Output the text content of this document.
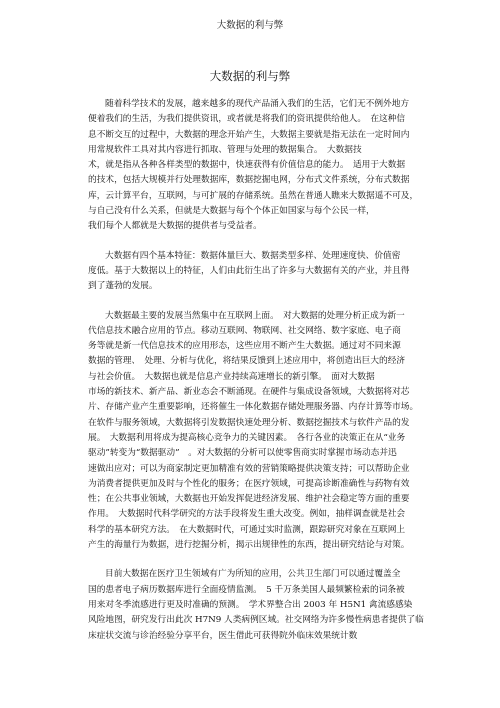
大数据的利与弊
大数据的利与弊

随着科学技术的发展，越来越多的现代产品涌入我们的生活，它们无不例外地方
便着我们的生活，为我们提供资讯，或者就是将我们的资讯提供给他人。　在这种信
息不断交互的过程中，大数据的理念开始产生，大数据主要就是指无法在一定时间内
用常规软件工具对其内容进行抓取、管理与处理的数据集合。　大数据技
术，就是指从各种各样类型的数据中，快速获得有价值信息的能力。　适用于大数据
的技术，包括大规模并行处理数据库，数据挖掘电网，分布式文件系统，分布式数据
库，云计算平台，互联网，与可扩展的存储系统。虽然在普通人瞧来大数据遥不可及，
与自己没有什么关系，但就是大数据与每个个体正如国家与每个公民一样，
我们每个人都就是大数据的提供者与受益者。

大数据有四个基本特征：数据体量巨大、数据类型多样、处理速度快、价值密
度低。基于大数据以上的特征，人们由此衍生出了许多与大数据有关的产业，并且得
到了蓬勃的发展。

大数据最主要的发展当然集中在互联网上面。　对大数据的处理分析正成为新一
代信息技术融合应用的节点。移动互联网、物联网、社交网络、数字家庭、电子商
务等就是新一代信息技术的应用形态，这些应用不断产生大数据。通过对不同来源
数据的管理、　处理、分析与优化，将结果反馈到上述应用中，将创造出巨大的经济
与社会价值。　大数据也就是信息产业持续高速增长的新引擎。　面对大数据
市场的新技术、新产品、新业态会不断涌现。在硬件与集成设备领域，大数据将对芯
片、存储产业产生重要影响，还将催生一体化数据存储处理服务器、内存计算等市场。
在软件与服务领域，大数据将引发数据快速处理分析、数据挖掘技术与软件产品的发
展。　大数据利用将成为提高核心竞争力的关键因素。　各行各业的决策正在从“业务
驱动”转变为“数据驱动”　。对大数据的分析可以使零售商实时掌握市场动态并迅
速做出应对；可以为商家制定更加精准有效的营销策略提供决策支持；可以帮助企业
为消费者提供更加及时与个性化的服务；在医疗领域，可提高诊断准确性与药物有效
性；在公共事业领域，大数据也开始发挥促进经济发展、维护社会稳定等方面的重要
作用。　大数据时代科学研究的方法手段将发生重大改变。例如，抽样调查就是社会
科学的基本研究方法。　在大数据时代，可通过实时监测，跟踪研究对象在互联网上
产生的海量行为数据，进行挖掘分析，揭示出规律性的东西，提出研究结论与对策。

目前大数据在医疗卫生领域有广为所知的应用，公共卫生部门可以通过覆盖全
国的患者电子病历数据库进行全面疫情监测。　5 千万条美国人最频繁检索的词条被
用来对冬季流感进行更及时准确的预测。　学术界整合出 2003 年 H5N1 禽流感感染
风险地图，研究发行出此次 H7N9 人类病例区域。社交网络为许多慢性病患者提供了临
床症状交流与诊治经验分享平台，医生借此可获得院外临床效果统计数
